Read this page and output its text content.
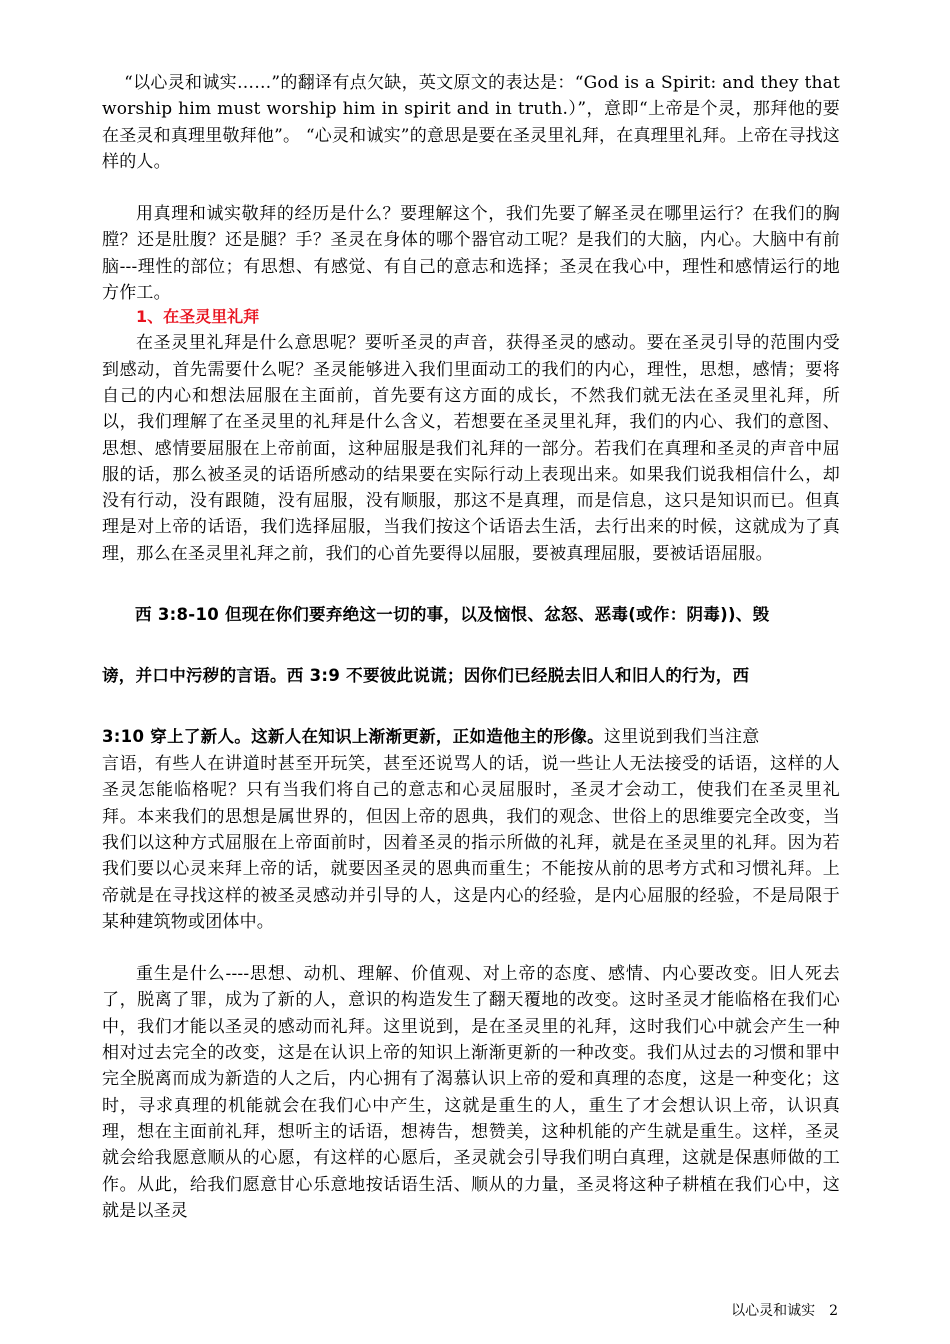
“以心灵和诚实……”的翻译有点欠缺，英文原文的表达是：“God is a Spirit: and they that worship him must worship him in spirit and in truth.）”，意即“上帝是个灵，那拜他的要在圣灵和真理里敬拜他”。 “心灵和诚实”的意思是要在圣灵里礼拜，在真理里礼拜。上帝在寻找这样的人。

用真理和诚实敬拜的经历是什么？要理解这个，我们先要了解圣灵在哪里运行？在我们的胸膛？还是肚腹？还是腿？手？圣灵在身体的哪个器官动工呢？是我们的大脑，内心。大脑中有前脑---理性的部位；有思想、有感觉、有自己的意志和选择；圣灵在我心中，理性和感情运行的地方作工。

1、在圣灵里礼拜

在圣灵里礼拜是什么意思呢？要听圣灵的声音，获得圣灵的感动。要在圣灵引导的范围内受到感动，首先需要什么呢？圣灵能够进入我们里面动工的我们的内心，理性，思想，感情；要将自己的内心和想法屈服在主面前，首先要有这方面的成长，不然我们就无法在圣灵里礼拜，所以，我们理解了在圣灵里的礼拜是什么含义，若想要在圣灵里礼拜，我们的内心、我们的意图、思想、感情要屈服在上帝前面，这种屈服是我们礼拜的一部分。若我们在真理和圣灵的声音中屈服的话，那么被圣灵的话语所感动的结果要在实际行动上表现出来。如果我们说我相信什么，却没有行动，没有跟随，没有屈服，没有顺服，那这不是真理，而是信息，这只是知识而已。但真理是对上帝的话语，我们选择屈服，当我们按这个话语去生活，去行出来的时候，这就成为了真理，那么在圣灵里礼拜之前，我们的心首先要得以屈服，要被真理屈服，要被话语屈服。

西 3:8-10 但现在你们要弃绝这一切的事，以及恼恨、忿怒、恶毒(或作：阴毒))、毁

谤，并口中污秽的言语。西 3:9 不要彼此说谎；因你们已经脱去旧人和旧人的行为，西

3:10 穿上了新人。这新人在知识上渐渐更新，正如造他主的形像。这里说到我们当注意

言语，有些人在讲道时甚至开玩笑，甚至还说骂人的话，说一些让人无法接受的话语，这样的人圣灵怎能临格呢？只有当我们将自己的意志和心灵屈服时，圣灵才会动工，使我们在圣灵里礼拜。本来我们的思想是属世界的，但因上帝的恩典，我们的观念、世俗上的思维要完全改变，当我们以这种方式屈服在上帝面前时，因着圣灵的指示所做的礼拜，就是在圣灵里的礼拜。因为若我们要以心灵来拜上帝的话，就要因圣灵的恩典而重生；不能按从前的思考方式和习惯礼拜。上帝就是在寻找这样的被圣灵感动并引导的人，这是内心的经验，是内心屈服的经验，不是局限于某种建筑物或团体中。

重生是什么----思想、动机、理解、价值观、对上帝的态度、感情、内心要改变。旧人死去了，脱离了罪，成为了新的人，意识的构造发生了翻天覆地的改变。这时圣灵才能临格在我们心中，我们才能以圣灵的感动而礼拜。这里说到，是在圣灵里的礼拜，这时我们心中就会产生一种相对过去完全的改变，这是在认识上帝的知识上渐渐更新的一种改变。我们从过去的习惯和罪中完全脱离而成为新造的人之后，内心拥有了渴慕认识上帝的爱和真理的态度，这是一种变化；这时，寻求真理的机能就会在我们心中产生，这就是重生的人，重生了才会想认识上帝，认识真理，想在主面前礼拜，想听主的话语，想祷告，想赞美，这种机能的产生就是重生。这样，圣灵就会给我愿意顺从的心愿，有这样的心愿后，圣灵就会引导我们明白真理，这就是保惠师做的工作。从此，给我们愿意甘心乐意地按话语生活、顺从的力量，圣灵将这种子耕植在我们心中，这就是以圣灵

以心灵和诚实 2
